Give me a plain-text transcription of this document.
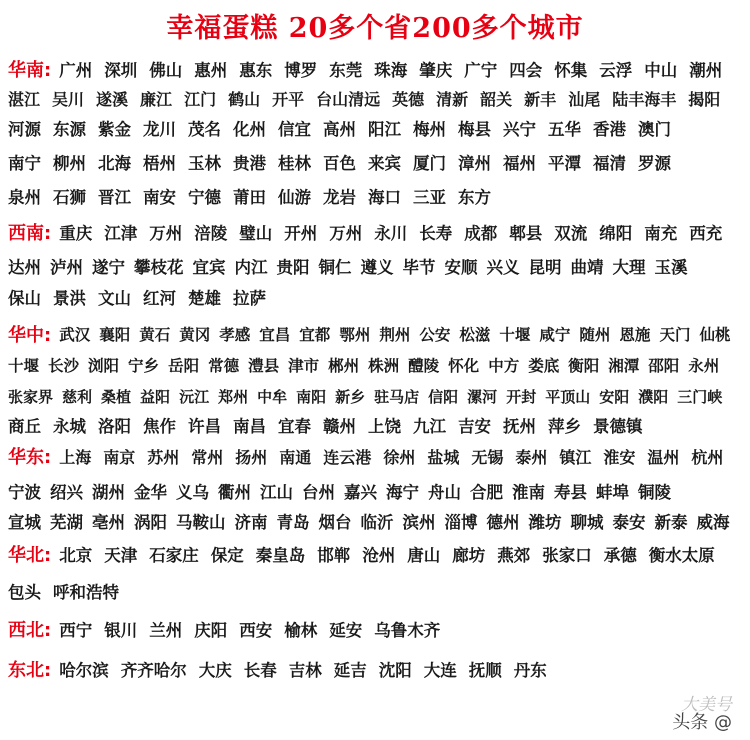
幸福蛋糕 20多个省200多个城市
华南: 广州 深圳 佛山 惠州 惠东 博罗 东莞 珠海 肇庆 广宁 四会 怀集 云浮 中山 潮州
湛江 吴川 遂溪 廉江 江门 鹤山 开平 台山清远 英德 清新 韶关 新丰 汕尾 陆丰海丰 揭阳
河源 东源 紫金 龙川 茂名 化州 信宜 高州 阳江 梅州 梅县 兴宁 五华 香港 澳门
南宁 柳州 北海 梧州 玉林 贵港 桂林 百色 来宾 厦门 漳州 福州 平潭 福清 罗源
泉州 石狮 晋江 南安 宁德 莆田 仙游 龙岩 海口 三亚 东方
西南: 重庆 江津 万州 涪陵 璧山 开州 万州 永川 长寿 成都 郫县 双流 绵阳 南充 西充
达州 泸州 遂宁 攀枝花 宜宾 内江 贵阳 铜仁 遵义 毕节 安顺 兴义 昆明 曲靖 大理 玉溪
保山 景洪 文山 红河 楚雄 拉萨
华中: 武汉 襄阳 黄石 黄冈 孝感 宜昌 宜都 鄂州 荆州 公安 松滋 十堰 咸宁 随州 恩施 天门 仙桃
十堰 长沙 浏阳 宁乡 岳阳 常德 澧县 津市 郴州 株洲 醴陵 怀化 中方 娄底 衡阳 湘潭 邵阳 永州
张家界 慈利 桑植 益阳 沅江 郑州 中牟 南阳 新乡 驻马店 信阳 漯河 开封 平顶山 安阳 濮阳 三门峡
商丘 永城 洛阳 焦作 许昌 南昌 宜春 赣州 上饶 九江 吉安 抚州 萍乡 景德镇
华东: 上海 南京 苏州 常州 扬州 南通 连云港 徐州 盐城 无锡 泰州 镇江 淮安 温州 杭州
宁波 绍兴 湖州 金华 义乌 衢州 江山 台州 嘉兴 海宁 舟山 合肥 淮南 寿县 蚌埠 铜陵
宣城 芜湖 亳州 涡阳 马鞍山 济南 青岛 烟台 临沂 滨州 淄博 德州 潍坊 聊城 泰安 新泰 威海
华北: 北京 天津 石家庄 保定 秦皇岛 邯郸 沧州 唐山 廊坊 燕郊 张家口 承德 衡水太原
包头 呼和浩特
西北: 西宁 银川 兰州 庆阳 西安 榆林 延安 乌鲁木齐
东北: 哈尔滨 齐齐哈尔 大庆 长春 吉林 延吉 沈阳 大连 抚顺 丹东
头条 @
大美号
